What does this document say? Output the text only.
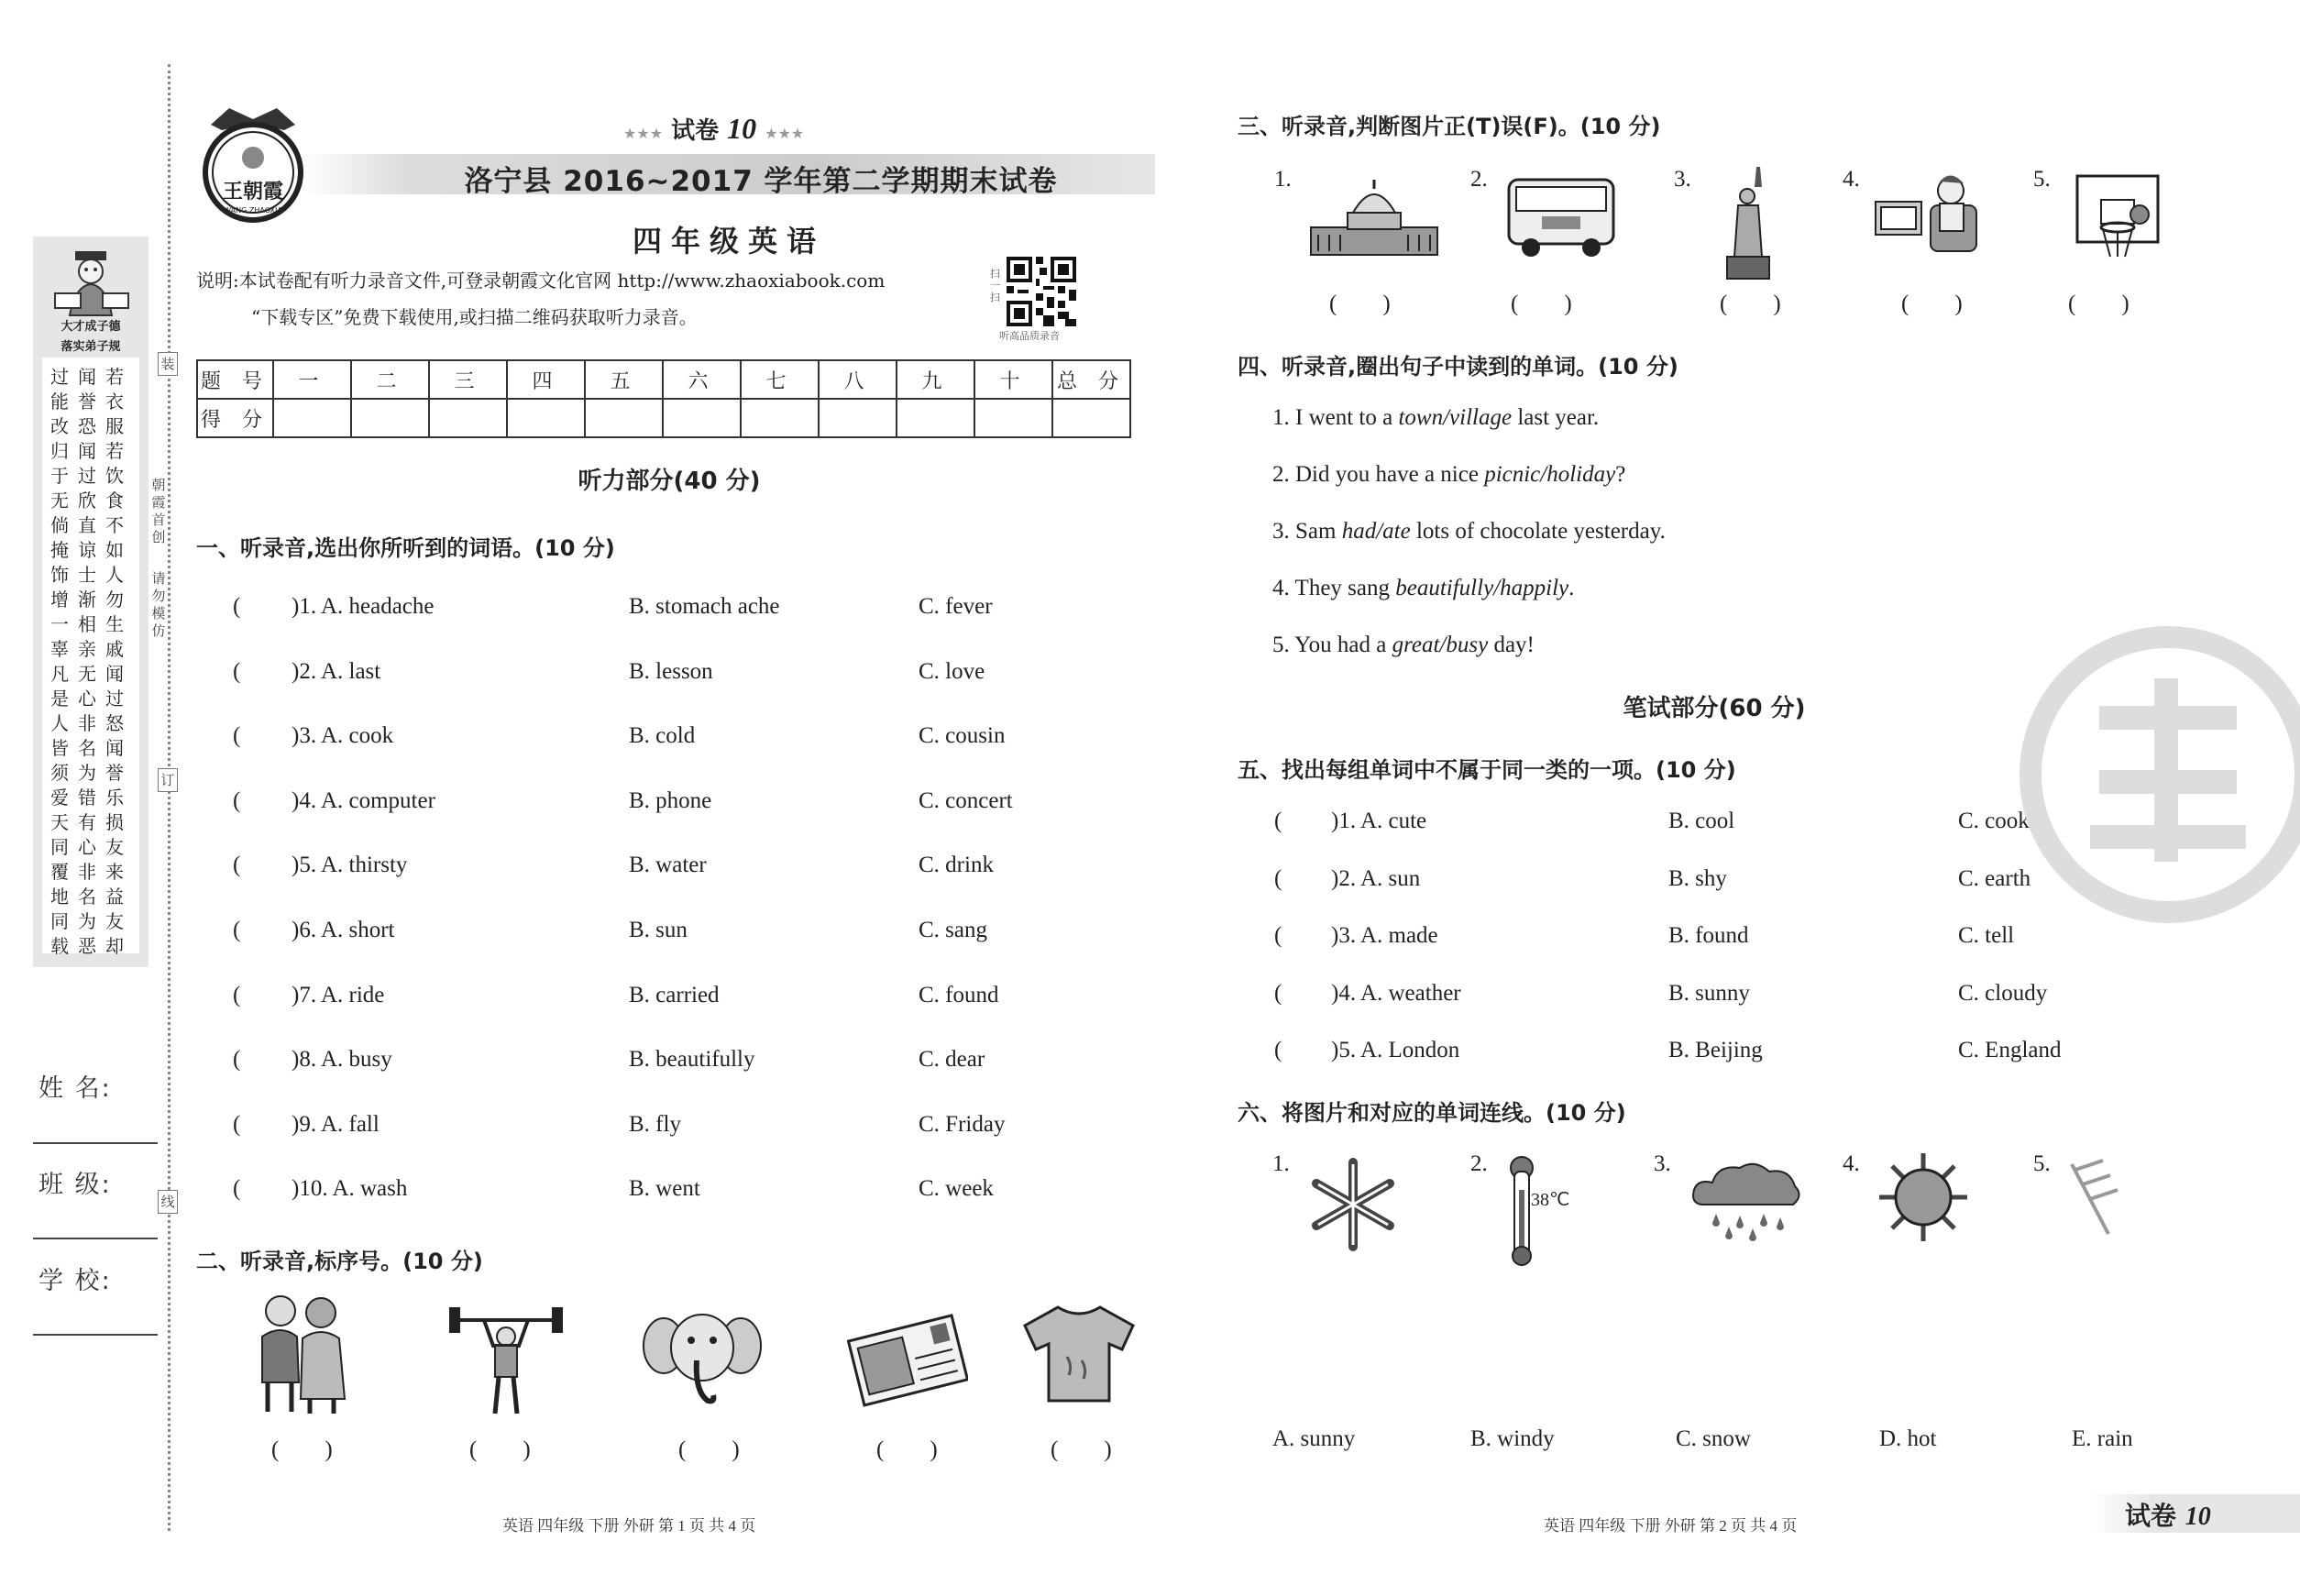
大才成子德
落实弟子规
过能改
闻誉恐
若衣服
归于无
闻过欣
若饮食
倘掩饰
直谅士
不如人
增一辜
渐相亲
勿生戚
凡是人
无心非
闻过怒
皆须爱
名为错
闻誉乐
天同覆
有心非
损友来
地同载
名为恶
益友却
姓 名:
班 级:
学 校:
装
订
线
朝霞首创
请勿模仿
王朝霞
WANG ZHAOXIA
★★★ 试卷 10 ★★★
洛宁县 2016~2017 学年第二学期期末试卷
四年级英语
说明:本试卷配有听力录音文件,可登录朝霞文化官网 http://www.zhaoxiabook.com
“下载专区”免费下载使用,或扫描二维码获取听力录音。
扫一扫
听高品质录音
题 号	一	二	三	四	五	六	七	八	九	十	总 分
得 分											
听力部分(40 分)
一、听录音,选出你所听到的词语。(10 分)
( )1. A. headache	B. stomach ache	C. fever
( )2. A. last	B. lesson	C. love
( )3. A. cook	B. cold	C. cousin
( )4. A. computer	B. phone	C. concert
( )5. A. thirsty	B. water	C. drink
( )6. A. short	B. sun	C. sang
( )7. A. ride	B. carried	C. found
( )8. A. busy	B. beautifully	C. dear
( )9. A. fall	B. fly	C. Friday
( )10. A. wash	B. went	C. week
二、听录音,标序号。(10 分)
(  )	(  )	(  )	(  )	(  )
英语 四年级 下册 外研 第 1 页 共 4 页
三、听录音,判断图片正(T)误(F)。(10 分)
1.	2.	3.	4.	5.
(  )	(  )	(  )	(  )	(  )
四、听录音,圈出句子中读到的单词。(10 分)
1. I went to a town/village last year.
2. Did you have a nice picnic/holiday?
3. Sam had/ate lots of chocolate yesterday.
4. They sang beautifully/happily.
5. You had a great/busy day!
笔试部分(60 分)
五、找出每组单词中不属于同一类的一项。(10 分)
( )1. A. cute	B. cool	C. cook
( )2. A. sun	B. shy	C. earth
( )3. A. made	B. found	C. tell
( )4. A. weather	B. sunny	C. cloudy
( )5. A. London	B. Beijing	C. England
六、将图片和对应的单词连线。(10 分)
1.	2.
38℃
3.	4.	5.
A. sunny	B. windy	C. snow	D. hot	E. rain
英语 四年级 下册 外研 第 2 页 共 4 页	试卷 10
